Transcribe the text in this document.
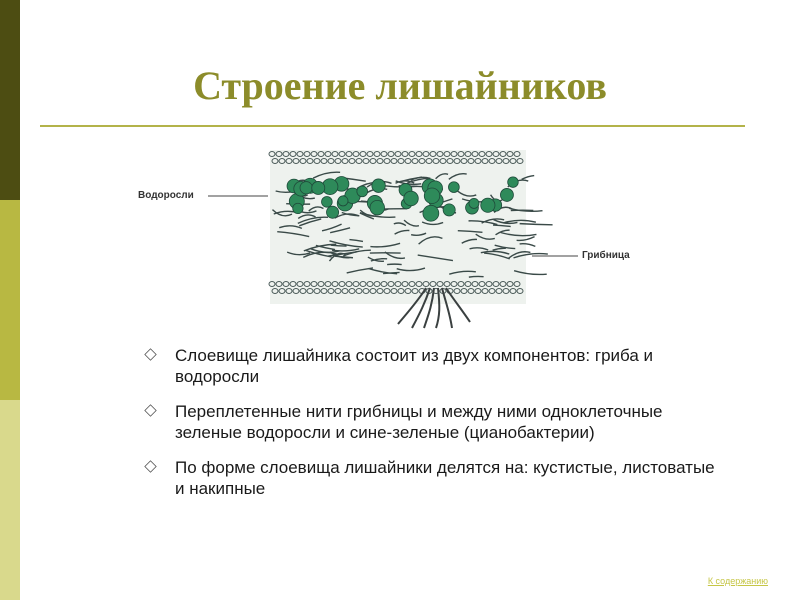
Строение лишайников
Водоросли
Грибница
Слоевище лишайника состоит из двух компонентов: гриба и водоросли
Переплетенные нити грибницы и между ними одноклеточные зеленые водоросли и сине-зеленые (цианобактерии)
По форме слоевища лишайники делятся на: кустистые, листоватые и накипные
К содержанию
